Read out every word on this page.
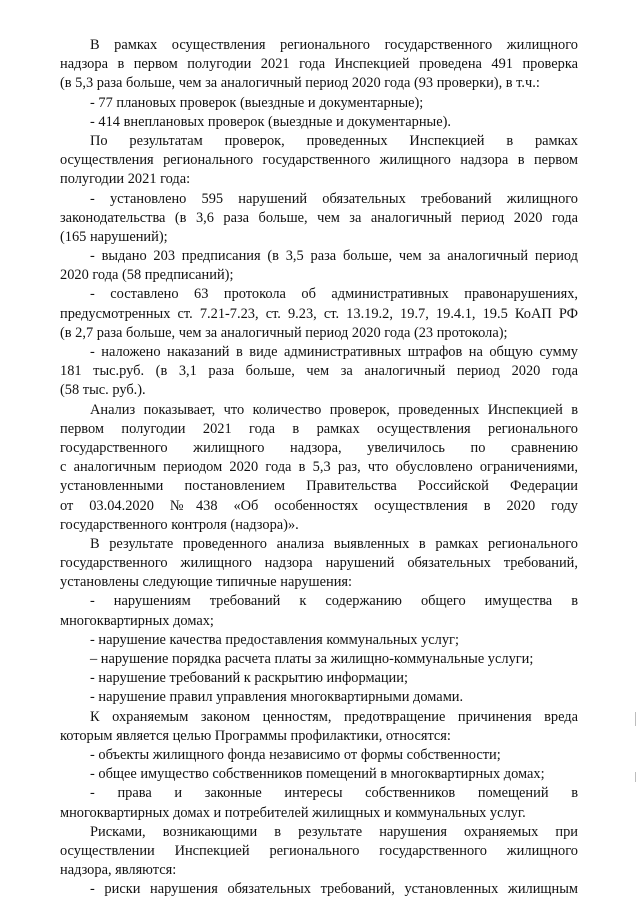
В рамках осуществления регионального государственного жилищного
надзора в первом полугодии 2021 года Инспекцией проведена 491 проверка
(в 5,3 раза больше, чем за аналогичный период 2020 года (93 проверки), в т.ч.:
- 77 плановых проверок (выездные и документарные);
- 414 внеплановых проверок (выездные и документарные).
По результатам проверок, проведенных Инспекцией в рамках
осуществления регионального государственного жилищного надзора в первом
полугодии 2021 года:
- установлено 595 нарушений обязательных требований жилищного
законодательства (в 3,6 раза больше, чем за аналогичный период 2020 года
(165 нарушений);
- выдано 203 предписания (в 3,5 раза больше, чем за аналогичный период
2020 года (58 предписаний);
- составлено 63 протокола об административных правонарушениях,
предусмотренных ст. 7.21-7.23, ст. 9.23, ст. 13.19.2, 19.7, 19.4.1, 19.5 КоАП РФ
(в 2,7 раза больше, чем за аналогичный период 2020 года (23 протокола);
- наложено наказаний в виде административных штрафов на общую сумму
181 тыс.руб. (в 3,1 раза больше, чем за аналогичный период 2020 года
(58 тыс. руб.).
Анализ показывает, что количество проверок, проведенных Инспекцией в
первом полугодии 2021 года в рамках осуществления регионального
государственного жилищного надзора, увеличилось по сравнению
с аналогичным периодом 2020 года в 5,3 раз, что обусловлено ограничениями,
установленными постановлением Правительства Российской Федерации
от 03.04.2020 №438 «Об особенностях осуществления в 2020 году
государственного контроля (надзора)».
В результате проведенного анализа выявленных в рамках регионального
государственного жилищного надзора нарушений обязательных требований,
установлены следующие типичные нарушения:
- нарушениям требований к содержанию общего имущества в
многоквартирных домах;
- нарушение качества предоставления коммунальных услуг;
– нарушение порядка расчета платы за жилищно-коммунальные услуги;
- нарушение требований к раскрытию информации;
- нарушение правил управления многоквартирными домами.
К охраняемым законом ценностям, предотвращение причинения вреда
которым является целью Программы профилактики, относятся:
- объекты жилищного фонда независимо от формы собственности;
- общее имущество собственников помещений в многоквартирных домах;
- права и законные интересы собственников помещений в
многоквартирных домах и потребителей жилищных и коммунальных услуг.
Рисками, возникающими в результате нарушения охраняемых при
осуществлении Инспекцией регионального государственного жилищного
надзора, являются:
- риски нарушения обязательных требований, установленных жилищным
